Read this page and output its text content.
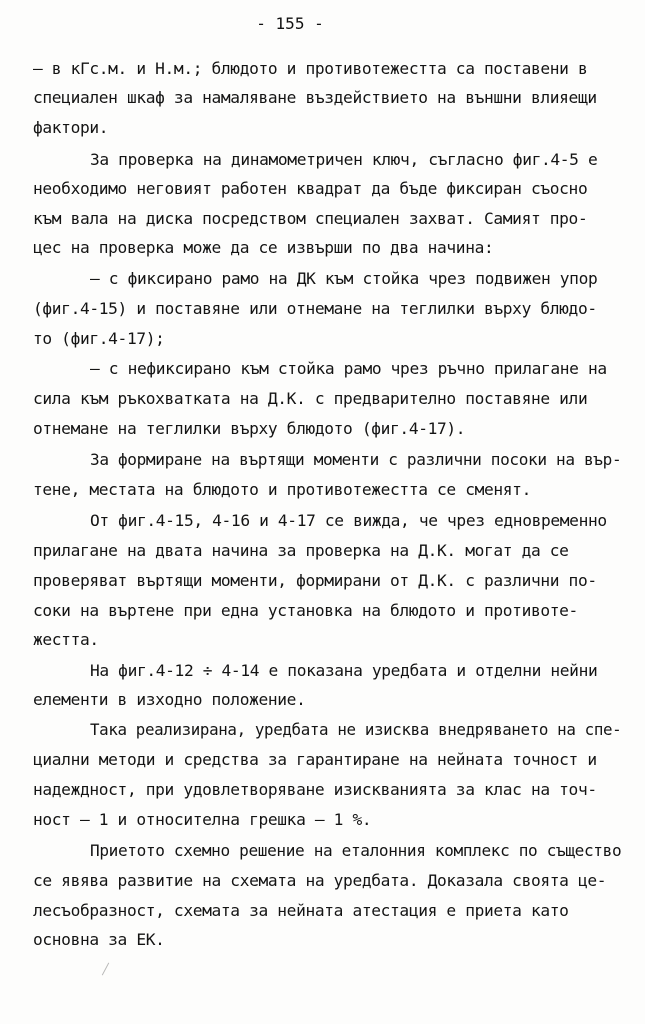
- 155 -
– в кГс.м. и Н.м.; блюдото и противотежестта са поставени в
специален шкаф за намаляване въздействието на външни влияещи
фактори.
За проверка на динамометричен ключ, съгласно фиг.4-5 е
необходимо неговият работен квадрат да бъде фиксиран съосно
към вала на диска посредством специален захват. Самият про-
цес на проверка може да се извърши по два начина:
– с фиксирано рамо на ДК към стойка чрез подвижен упор
(фиг.4-15) и поставяне или отнемане на теглилки върху блюдо-
то (фиг.4-17);
– с нефиксирано към стойка рамо чрез ръчно прилагане на
сила към ръкохватката на Д.К. с предварително поставяне или
отнемане на теглилки върху блюдото (фиг.4-17).
За формиране на въртящи моменти с различни посоки на вър-
тене, местата на блюдото и противотежестта се сменят.
От фиг.4-15, 4-16 и 4-17 се вижда, че чрез едновременно
прилагане на двата начина за проверка на Д.К. могат да се
проверяват въртящи моменти, формирани от Д.К. с различни по-
соки на въртене при една установка на блюдото и противоте-
жестта.
На фиг.4-12 ÷ 4-14 е показана уредбата и отделни нейни
елементи в изходно положение.
Така реализирана, уредбата не изисква внедряването на спе-
циални методи и средства за гарантиране на нейната точност и
надеждност, при удовлетворяване изискванията за клас на точ-
ност – 1 и относителна грешка – 1 %.
Приетото схемно решение на еталонния комплекс по същество
се явява развитие на схемата на уредбата. Доказала своята це-
лесъобразност, схемата за нейната атестация е приета като
основна за ЕК.
